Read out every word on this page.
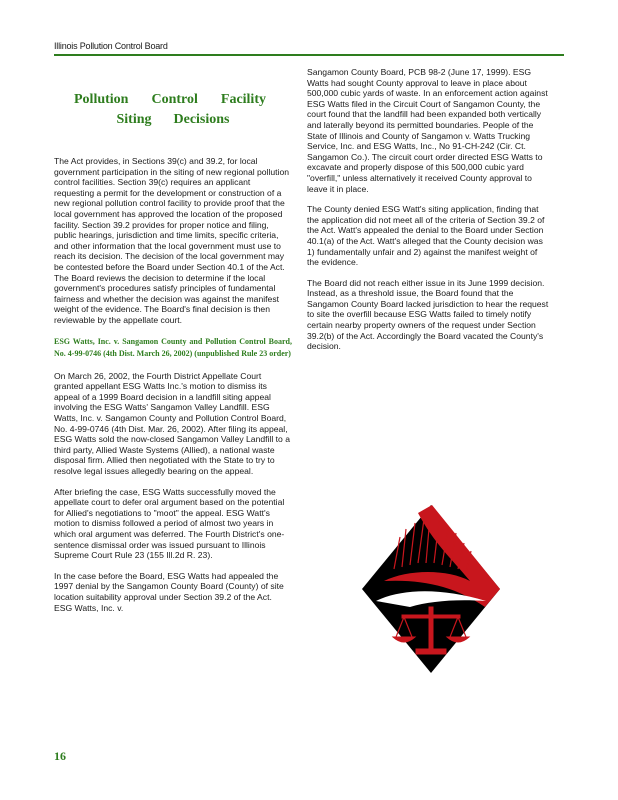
Illinois Pollution Control Board
Pollution Control Facility
Siting Decisions

The Act provides, in Sections 39(c) and 39.2, for local government participation in the siting of new regional pollution control facilities. Section 39(c) requires an applicant requesting a permit for the development or construction of a new regional pollution control facility to provide proof that the local government has approved the location of the proposed facility. Section 39.2 provides for proper notice and filing, public hearings, jurisdiction and time limits, specific criteria, and other information that the local government must use to reach its decision. The decision of the local government may be contested before the Board under Section 40.1 of the Act. The Board reviews the decision to determine if the local government's procedures satisfy principles of fundamental fairness and whether the decision was against the manifest weight of the evidence. The Board's final decision is then reviewable by the appellate court.

ESG Watts, Inc. v. Sangamon County and Pollution Control Board, No. 4-99-0746 (4th Dist. March 26, 2002) (unpublished Rule 23 order)

On March 26, 2002, the Fourth District Appellate Court granted appellant ESG Watts Inc.'s motion to dismiss its appeal of a 1999 Board decision in a landfill siting appeal involving the ESG Watts' Sangamon Valley Landfill. ESG Watts, Inc. v. Sangamon County and Pollution Control Board, No. 4-99-0746 (4th Dist. Mar. 26, 2002). After filing its appeal, ESG Watts sold the now-closed Sangamon Valley Landfill to a third party, Allied Waste Systems (Allied), a national waste disposal firm. Allied then negotiated with the State to try to resolve legal issues allegedly bearing on the appeal.

After briefing the case, ESG Watts successfully moved the appellate court to defer oral argument based on the potential for Allied's negotiations to "moot" the appeal. ESG Watt's motion to dismiss followed a period of almost two years in which oral argument was deferred. The Fourth District's one-sentence dismissal order was issued pursuant to Illinois Supreme Court Rule 23 (155 Ill.2d R. 23).

In the case before the Board, ESG Watts had appealed the 1997 denial by the Sangamon County Board (County) of site location suitability approval under Section 39.2 of the Act. ESG Watts, Inc. v.

Sangamon County Board, PCB 98-2 (June 17, 1999). ESG Watts had sought County approval to leave in place about 500,000 cubic yards of waste. In an enforcement action against ESG Watts filed in the Circuit Court of Sangamon County, the court found that the landfill had been expanded both vertically and laterally beyond its permitted boundaries. People of the State of Illinois and County of Sangamon v. Watts Trucking Service, Inc. and ESG Watts, Inc., No 91-CH-242 (Cir. Ct. Sangamon Co.). The circuit court order directed ESG Watts to excavate and properly dispose of this 500,000 cubic yard "overfill," unless alternatively it received County approval to leave it in place.

The County denied ESG Watt's siting application, finding that the application did not meet all of the criteria of Section 39.2 of the Act. Watt's appealed the denial to the Board under Section 40.1(a) of the Act. Watt's alleged that the County decision was 1) fundamentally unfair and 2) against the manifest weight of the evidence.

The Board did not reach either issue in its June 1999 decision. Instead, as a threshold issue, the Board found that the Sangamon County Board lacked jurisdiction to hear the request to site the overfill because ESG Watts failed to timely notify certain nearby property owners of the request under Section 39.2(b) of the Act. Accordingly the Board vacated the County's decision.

16
